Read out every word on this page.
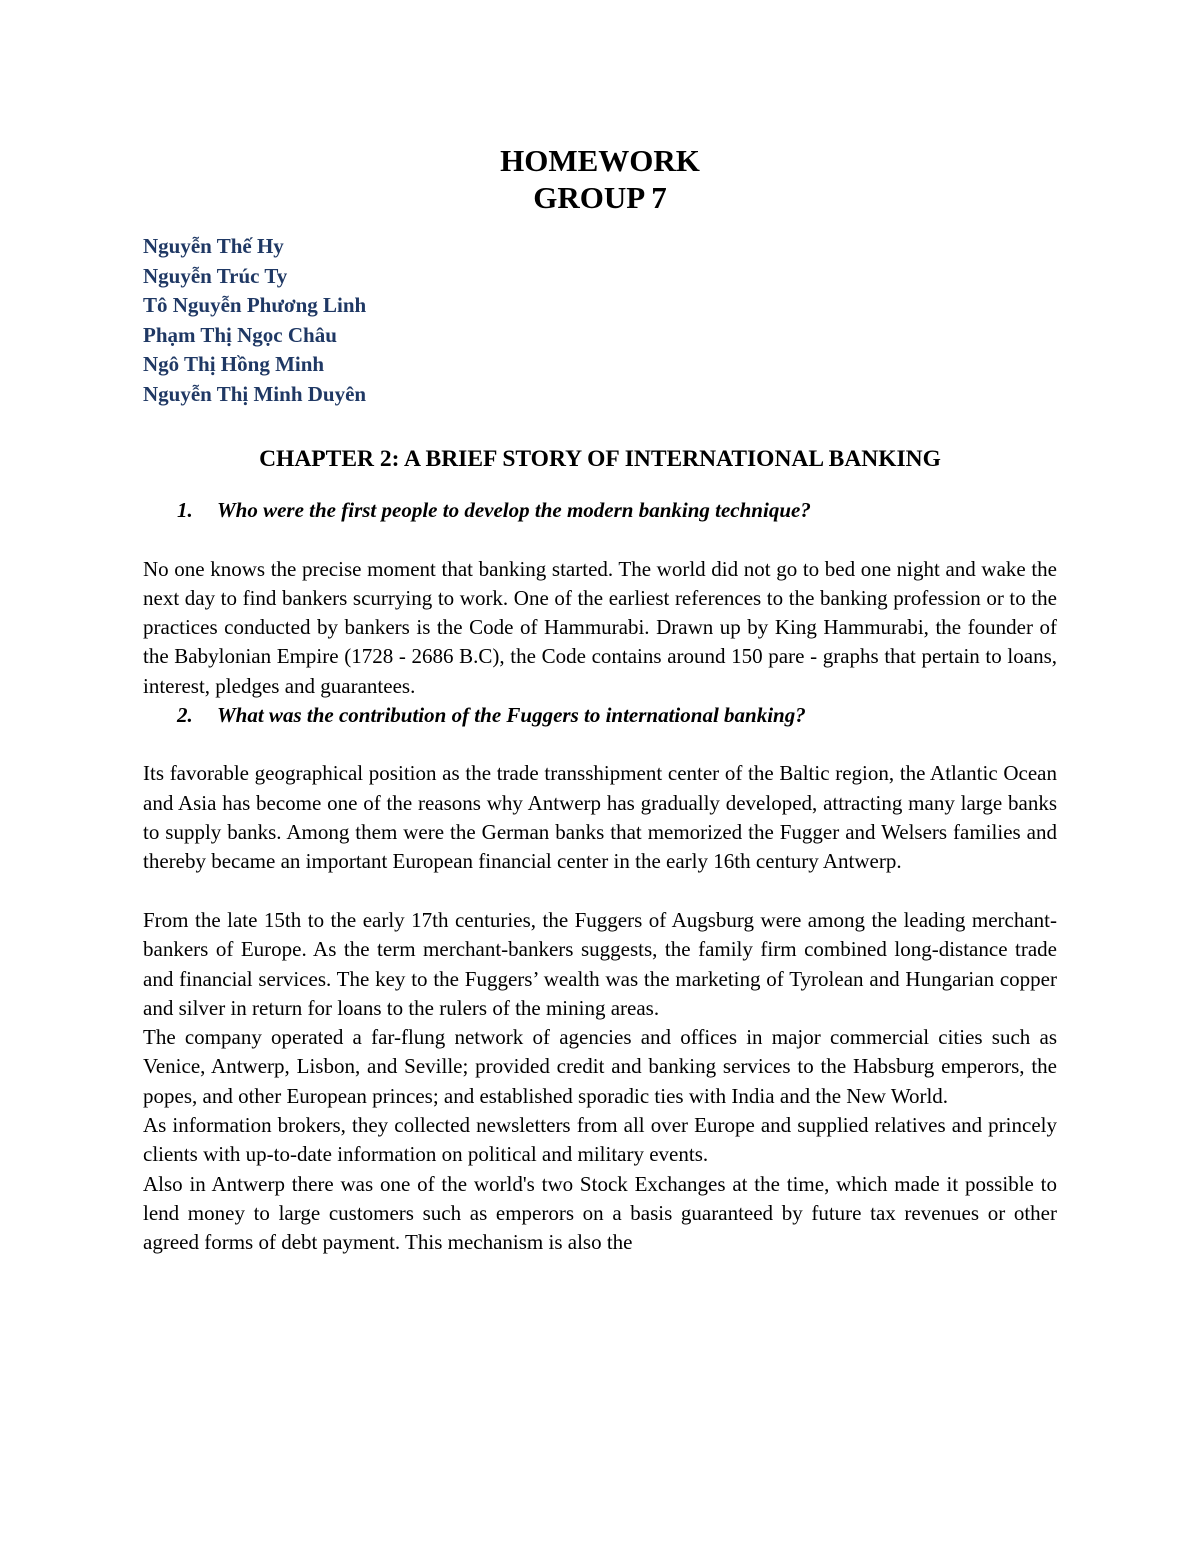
HOMEWORK
GROUP 7
Nguyễn Thế Hy
Nguyễn Trúc Ty
Tô Nguyễn Phương Linh
Phạm Thị Ngọc Châu
Ngô Thị Hồng Minh
Nguyễn Thị Minh Duyên
CHAPTER 2: A BRIEF STORY OF INTERNATIONAL BANKING
1.	Who were the first people to develop the modern banking technique?

No one knows the precise moment that banking started. The world did not go to bed one night and wake the next day to find bankers scurrying to work. One of the earliest references to the banking profession or to the practices conducted by bankers is the Code of Hammurabi. Drawn up by King Hammurabi, the founder of the Babylonian Empire (1728 - 2686 B.C), the Code contains around 150 pare - graphs that pertain to loans, interest, pledges and guarantees.

2.	What was the contribution of the Fuggers to international banking?

Its favorable geographical position as the trade transshipment center of the Baltic region, the Atlantic Ocean and Asia has become one of the reasons why Antwerp has gradually developed, attracting many large banks to supply banks. Among them were the German banks that memorized the Fugger and Welsers families and thereby became an important European financial center in the early 16th century Antwerp.

From the late 15th to the early 17th centuries, the Fuggers of Augsburg were among the leading merchant-bankers of Europe. As the term merchant-bankers suggests, the family firm combined long-distance trade and financial services. The key to the Fuggers’ wealth was the marketing of Tyrolean and Hungarian copper and silver in return for loans to the rulers of the mining areas.

The company operated a far-flung network of agencies and offices in major commercial cities such as Venice, Antwerp, Lisbon, and Seville; provided credit and banking services to the Habsburg emperors, the popes, and other European princes; and established sporadic ties with India and the New World.

As information brokers, they collected newsletters from all over Europe and supplied relatives and princely clients with up-to-date information on political and military events.

Also in Antwerp there was one of the world's two Stock Exchanges at the time, which made it possible to lend money to large customers such as emperors on a basis guaranteed by future tax revenues or other agreed forms of debt payment. This mechanism is also the
